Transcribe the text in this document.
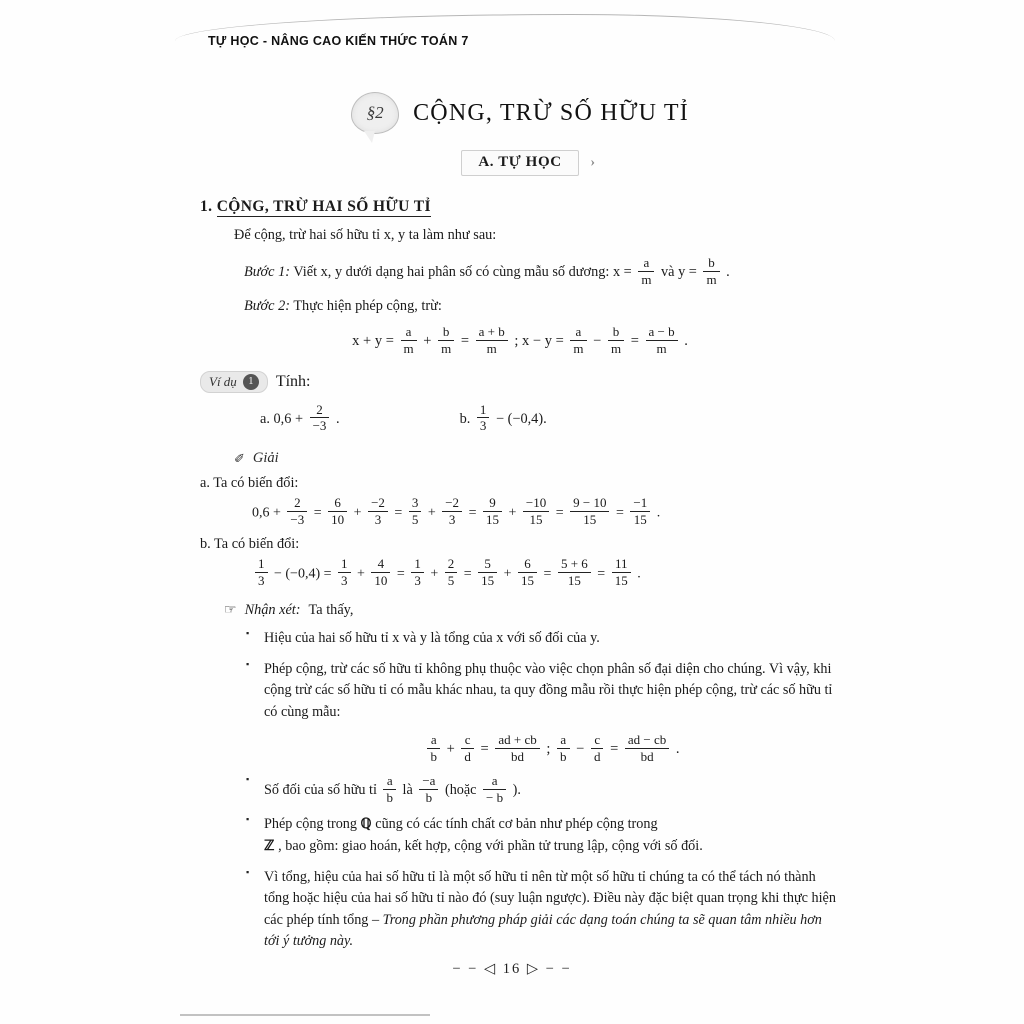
TỰ HỌC - NÂNG CAO KIẾN THỨC TOÁN 7
§2 CỘNG, TRỪ SỐ HỮU TỈ
A. TỰ HỌC ›
1. CỘNG, TRỪ HAI SỐ HỮU TỈ

Để cộng, trừ hai số hữu tỉ x, y ta làm như sau:

Bước 1: Viết x, y dưới dạng hai phân số có cùng mẫu số dương: $x = \frac{a}{m}$ và $y = \frac{b}{m}$ .
Bước 2: Thực hiện phép cộng, trừ:
$x + y = \frac{a}{m} + \frac{b}{m} = \frac{a + b}{m}$ ; $x - y = \frac{a}{m} - \frac{b}{m} = \frac{a - b}{m}$ .
Ví dụ	1	Tính:
a. $0,6 + \frac{2}{-3}$ .	b. $\frac{1}{3} - (-0,4)$.
✐ Giải
a. Ta có biến đổi:
$0,6 + \frac{2}{-3} = \frac{6}{10} + \frac{-2}{3} = \frac{3}{5} + \frac{-2}{3} = \frac{9}{15} + \frac{-10}{15} = \frac{9 - 10}{15} = \frac{-1}{15}$ .
b. Ta có biến đổi:
$\frac{1}{3} - (-0,4) = \frac{1}{3} + \frac{4}{10} = \frac{1}{3} + \frac{2}{5} = \frac{5}{15} + \frac{6}{15} = \frac{5 + 6}{15} = \frac{11}{15}$ .
☞ Nhận xét: Ta thấy,
▪ Hiệu của hai số hữu tỉ x và y là tổng của x với số đối của y.
▪ Phép cộng, trừ các số hữu tỉ không phụ thuộc vào việc chọn phân số đại diện cho chúng. Vì vậy, khi cộng trừ các số hữu tỉ có mẫu khác nhau, ta quy đồng mẫu rồi thực hiện phép cộng, trừ các số hữu tỉ có cùng mẫu:
$\frac{a}{b} + \frac{c}{d} = \frac{ad + cb}{bd}$ ; $\frac{a}{b} - \frac{c}{d} = \frac{ad - cb}{bd}$ .
▪ Số đối của số hữu tỉ $\frac{a}{b}$ là $\frac{-a}{b}$ (hoặc $\frac{a}{- b}$ ).
▪ Phép cộng trong ℚ cũng có các tính chất cơ bản như phép cộng trong
ℤ , bao gồm: giao hoán, kết hợp, cộng với phần tử trung lập, cộng với số đối.
▪ Vì tổng, hiệu của hai số hữu tỉ là một số hữu tỉ nên từ một số hữu tỉ chúng ta có thể tách nó thành tổng hoặc hiệu của hai số hữu tỉ nào đó (suy luận ngược). Điều này đặc biệt quan trọng khi thực hiện các phép tính tổng – Trong phần phương pháp giải các dạng toán chúng ta sẽ quan tâm nhiều hơn tới ý tưởng này.
− − ◁ 16 ▷ − −
